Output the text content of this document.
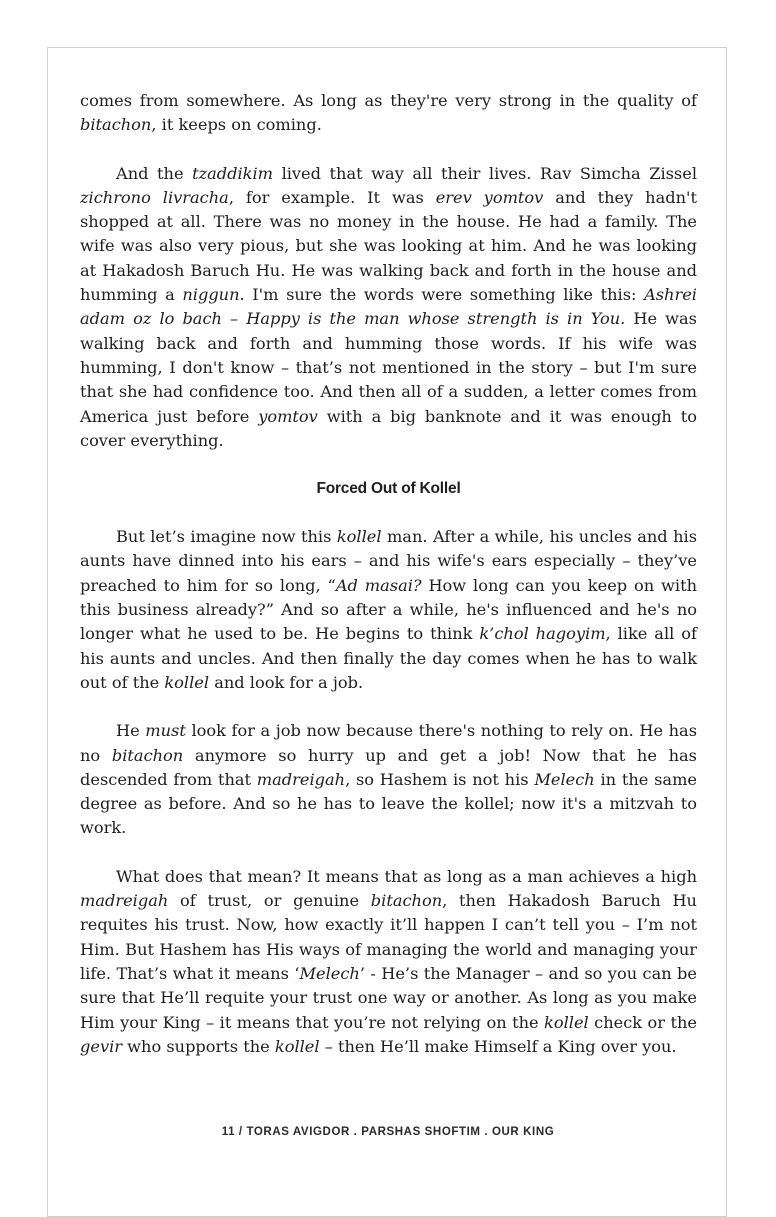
comes from somewhere. As long as they're very strong in the quality of bitachon, it keeps on coming.

And the tzaddikim lived that way all their lives. Rav Simcha Zissel zichrono livracha, for example. It was erev yomtov and they hadn't shopped at all. There was no money in the house. He had a family. The wife was also very pious, but she was looking at him. And he was looking at Hakadosh Baruch Hu. He was walking back and forth in the house and humming a niggun. I'm sure the words were something like this: Ashrei adam oz lo bach – Happy is the man whose strength is in You. He was walking back and forth and humming those words. If his wife was humming, I don't know – that’s not mentioned in the story – but I'm sure that she had confidence too. And then all of a sudden, a letter comes from America just before yomtov with a big banknote and it was enough to cover everything.

Forced Out of Kollel

But let’s imagine now this kollel man. After a while, his uncles and his aunts have dinned into his ears – and his wife's ears especially – they’ve preached to him for so long, “Ad masai? How long can you keep on with this business already?” And so after a while, he's influenced and he's no longer what he used to be. He begins to think k’chol hagoyim, like all of his aunts and uncles. And then finally the day comes when he has to walk out of the kollel and look for a job.

He must look for a job now because there's nothing to rely on. He has no bitachon anymore so hurry up and get a job! Now that he has descended from that madreigah, so Hashem is not his Melech in the same degree as before. And so he has to leave the kollel; now it's a mitzvah to work.

What does that mean? It means that as long as a man achieves a high madreigah of trust, or genuine bitachon, then Hakadosh Baruch Hu requites his trust. Now, how exactly it’ll happen I can’t tell you – I’m not Him. But Hashem has His ways of managing the world and managing your life. That’s what it means ‘Melech’ - He’s the Manager – and so you can be sure that He’ll requite your trust one way or another. As long as you make Him your King – it means that you’re not relying on the kollel check or the gevir who supports the kollel – then He’ll make Himself a King over you.

11 / TORAS AVIGDOR . PARSHAS SHOFTIM . OUR KING
